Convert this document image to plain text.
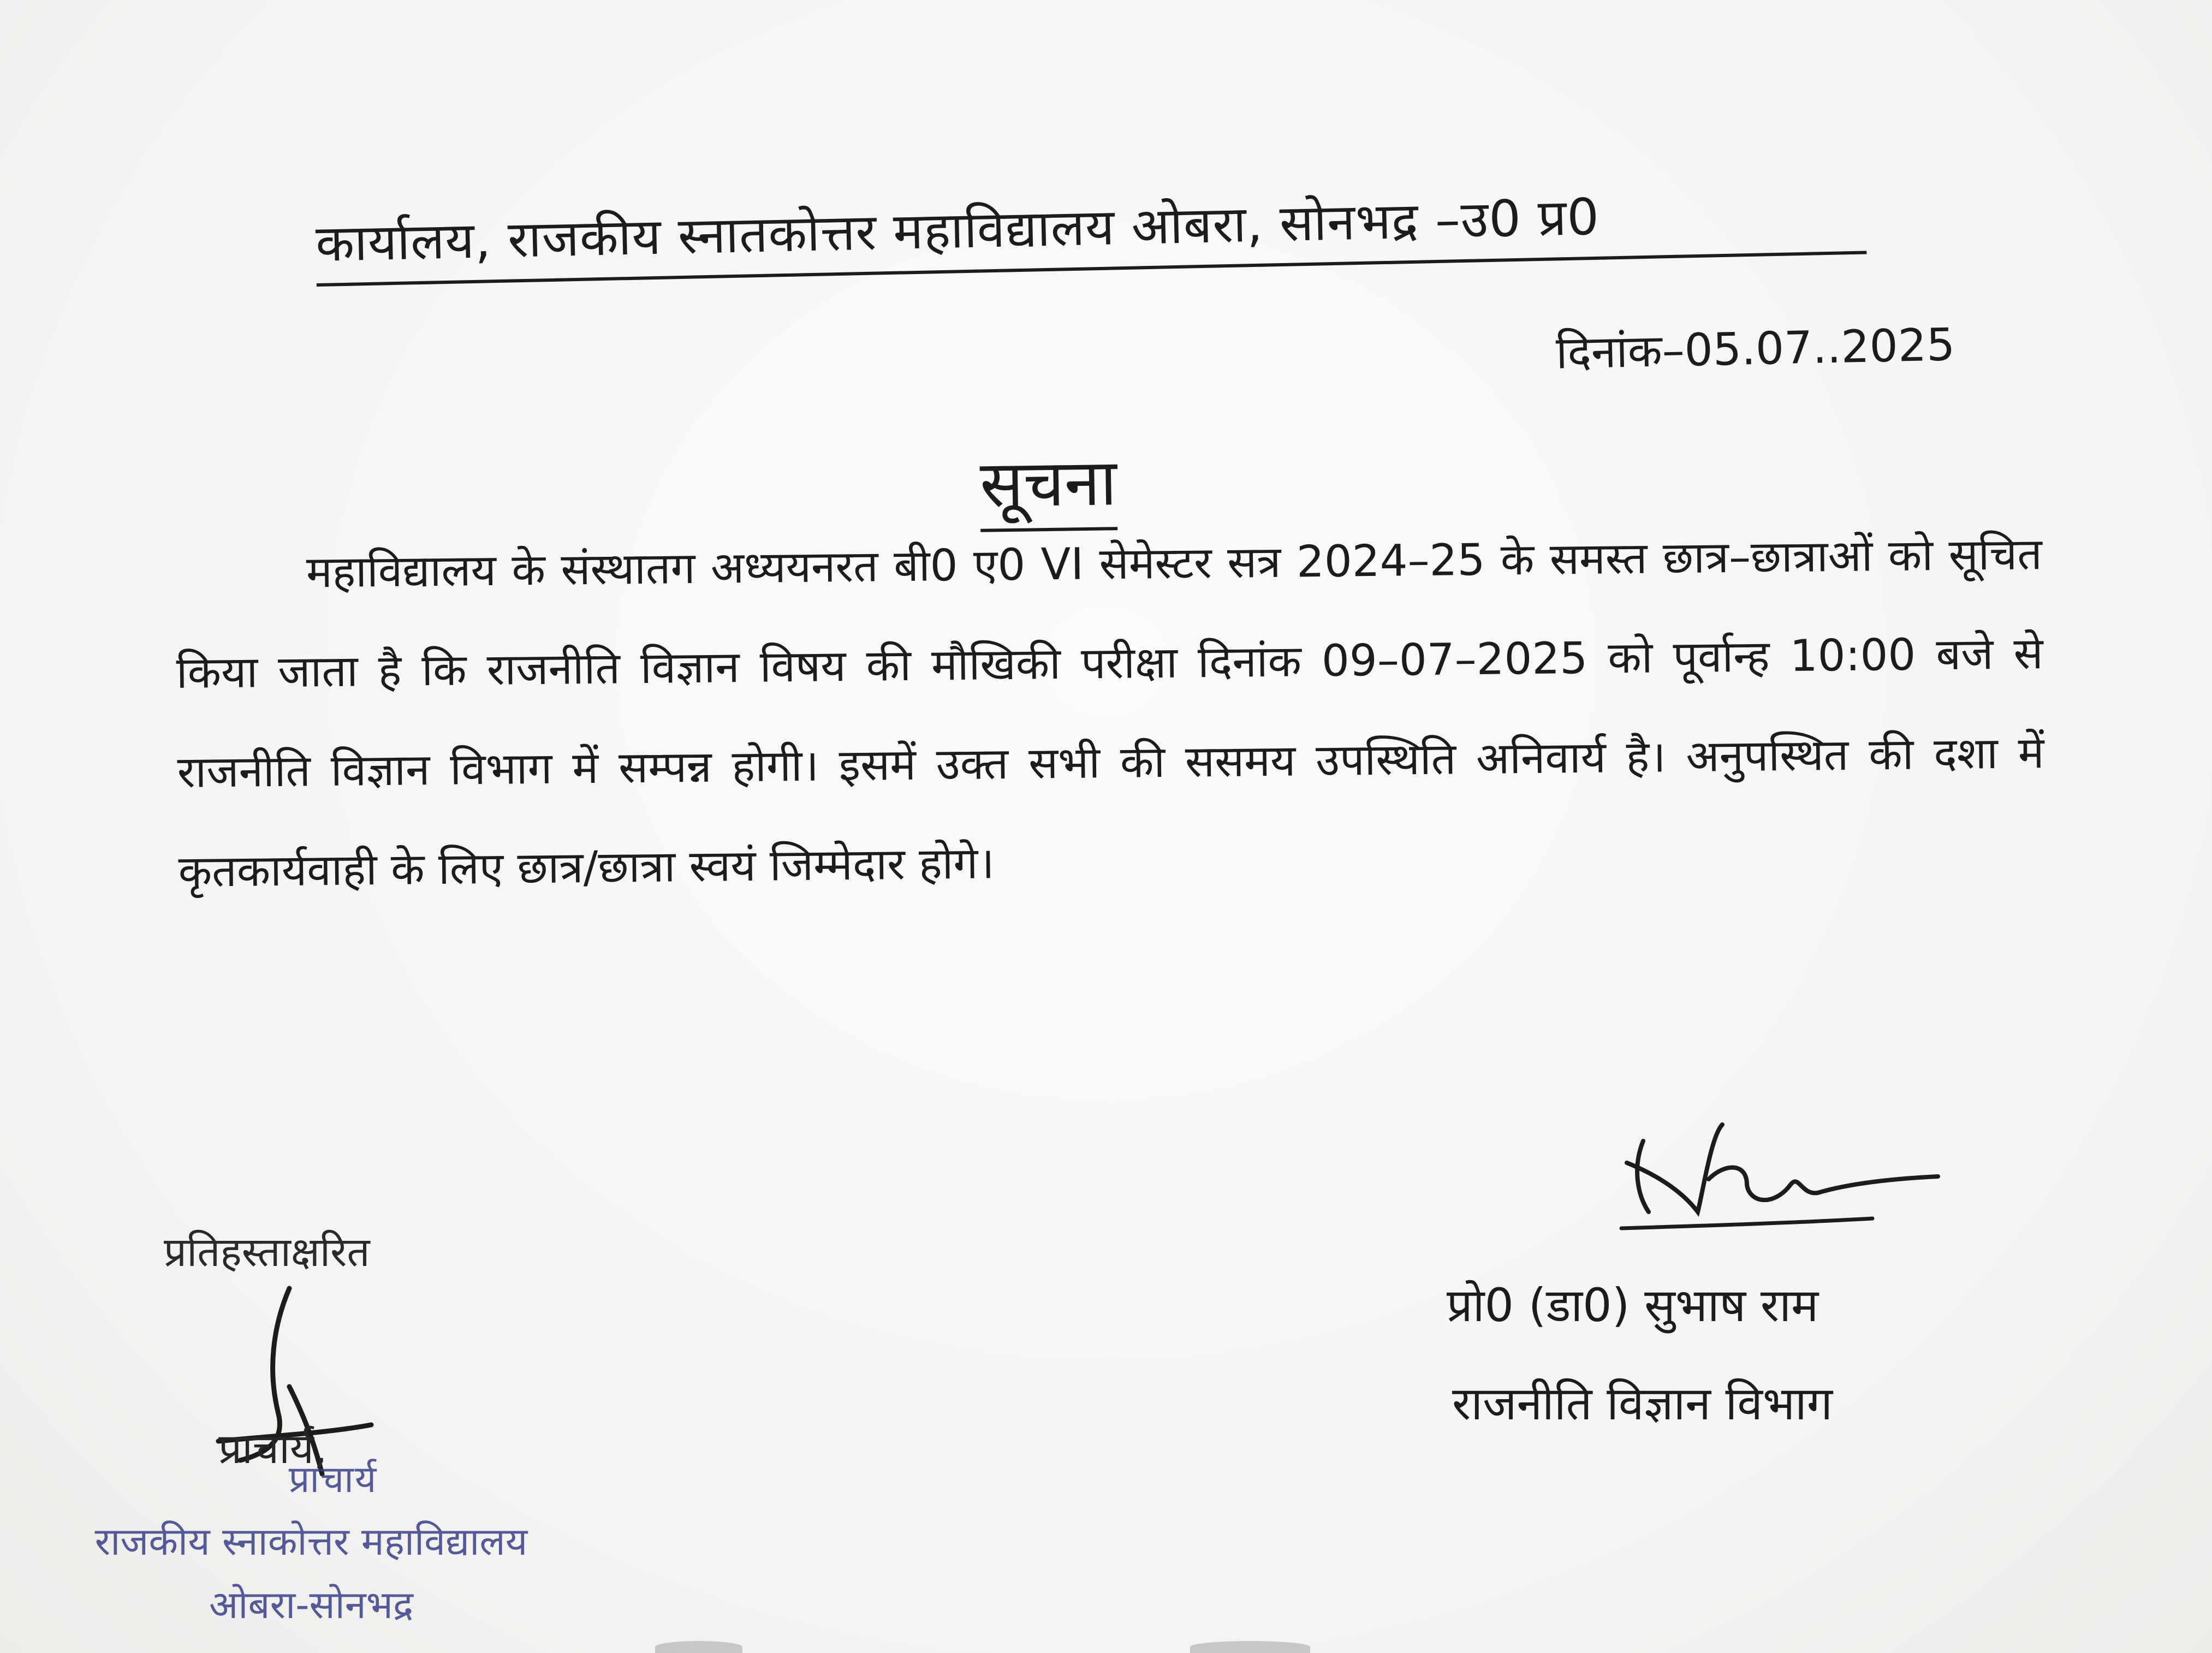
कार्यालय, राजकीय स्नातकोत्तर महाविद्यालय ओबरा, सोनभद्र –उ0 प्र0
दिनांक–05.07..2025
सूचना
महाविद्यालय के संस्थातग अध्ययनरत बी0 ए0 VI सेमेस्टर सत्र 2024–25 के समस्त छात्र–छात्राओं को सूचित किया जाता है कि राजनीति विज्ञान विषय की मौखिकी परीक्षा दिनांक 09–07–2025 को पूर्वान्ह 10:00 बजे से राजनीति विज्ञान विभाग में सम्पन्न होगी। इसमें उक्त सभी की ससमय उपस्थिति अनिवार्य है। अनुपस्थित की दशा में कृतकार्यवाही के लिए छात्र/छात्रा स्वयं जिम्मेदार होगे।
प्रतिहस्ताक्षरित
प्राचार्य,
प्राचार्य
राजकीय स्नाकोत्तर महाविद्यालय
ओबरा-सोनभद्र
प्रो0 (डा0) सुभाष राम
राजनीति विज्ञान विभाग
